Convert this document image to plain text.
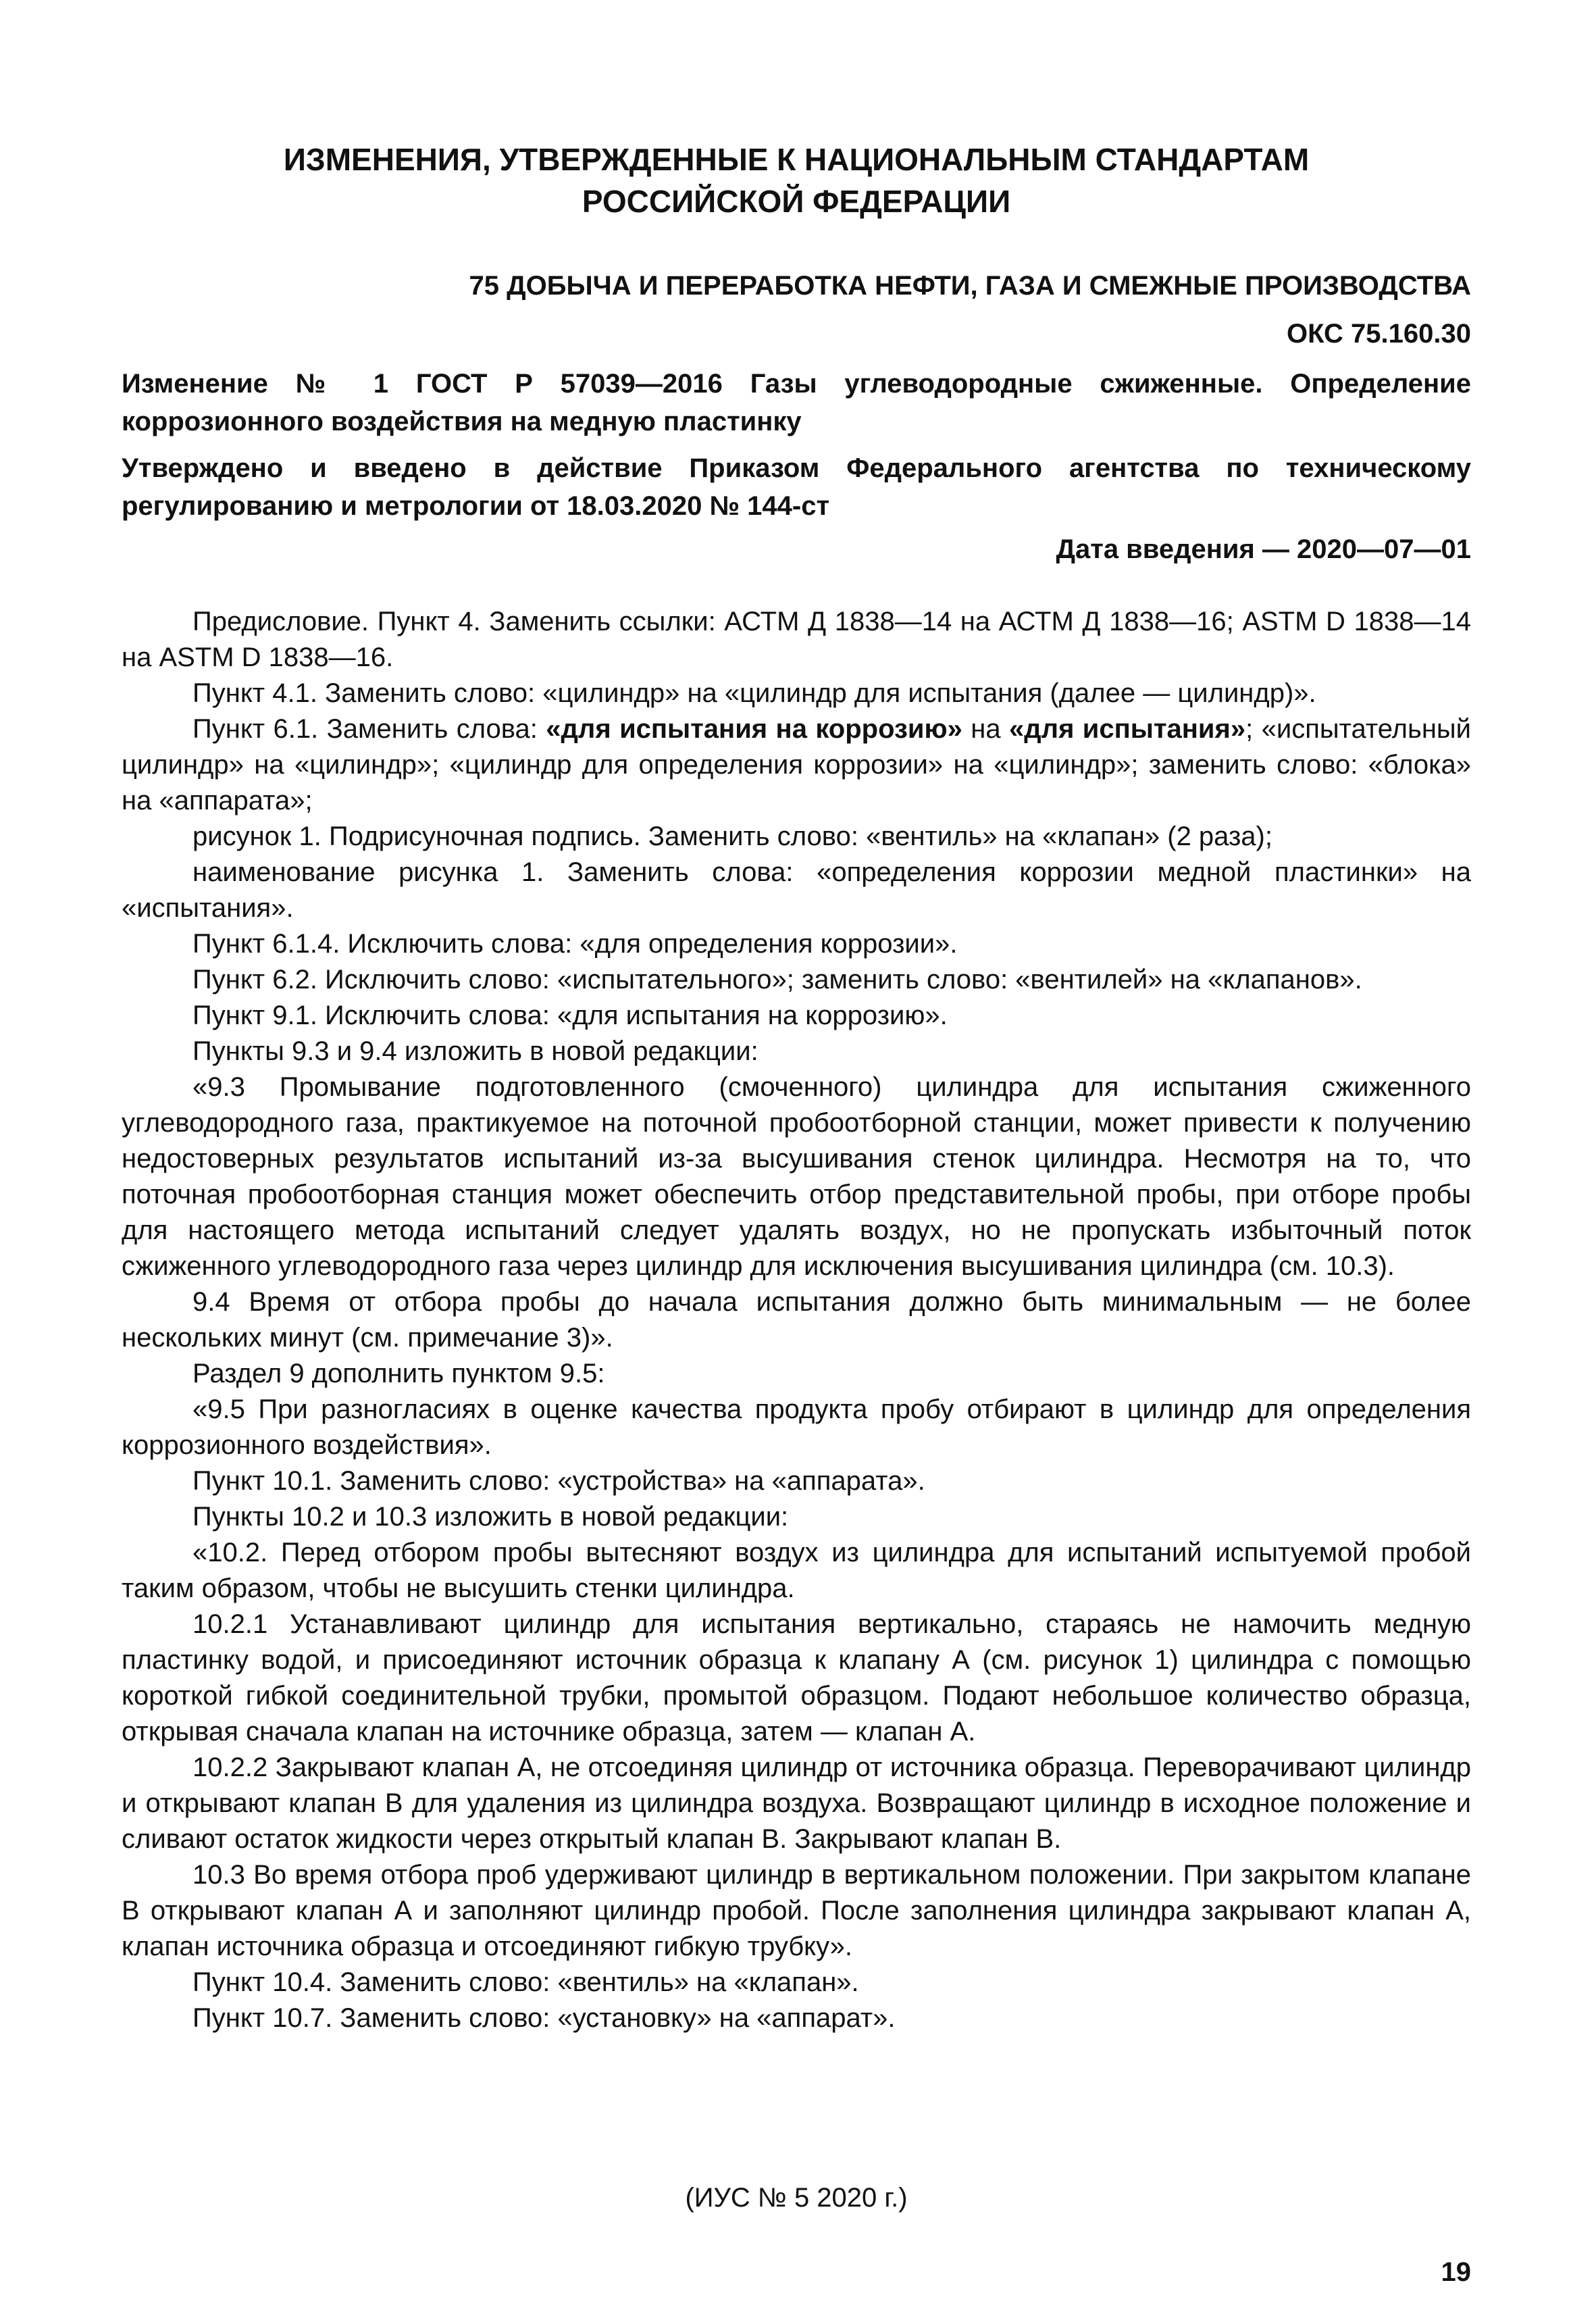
ИЗМЕНЕНИЯ, УТВЕРЖДЕННЫЕ К НАЦИОНАЛЬНЫМ СТАНДАРТАМ
РОССИЙСКОЙ ФЕДЕРАЦИИ
75 ДОБЫЧА И ПЕРЕРАБОТКА НЕФТИ, ГАЗА И СМЕЖНЫЕ ПРОИЗВОДСТВА
ОКС 75.160.30
Изменение № 1 ГОСТ Р 57039—2016 Газы углеводородные сжиженные. Определение коррозионного воздействия на медную пластинку
Утверждено и введено в действие Приказом Федерального агентства по техническому регулированию и метрологии от 18.03.2020 № 144-ст
Дата введения — 2020—07—01

Предисловие. Пункт 4. Заменить ссылки: АСТМ Д 1838—14 на АСТМ Д 1838—16; ASTM D 1838—14 на ASTM D 1838—16.

Пункт 4.1. Заменить слово: «цилиндр» на «цилиндр для испытания (далее — цилиндр)».

Пункт 6.1. Заменить слова: «для испытания на коррозию» на «для испытания»; «испытательный цилиндр» на «цилиндр»; «цилиндр для определения коррозии» на «цилиндр»; заменить слово: «блока» на «аппарата»;

рисунок 1. Подрисуночная подпись. Заменить слово: «вентиль» на «клапан» (2 раза);

наименование рисунка 1. Заменить слова: «определения коррозии медной пластинки» на «испытания».

Пункт 6.1.4. Исключить слова: «для определения коррозии».

Пункт 6.2. Исключить слово: «испытательного»; заменить слово: «вентилей» на «клапанов».

Пункт 9.1. Исключить слова: «для испытания на коррозию».

Пункты 9.3 и 9.4 изложить в новой редакции:

«9.3 Промывание подготовленного (смоченного) цилиндра для испытания сжиженного углеводородного газа, практикуемое на поточной пробоотборной станции, может привести к получению недостоверных результатов испытаний из-за высушивания стенок цилиндра. Несмотря на то, что поточная пробоотборная станция может обеспечить отбор представительной пробы, при отборе пробы для настоящего метода испытаний следует удалять воздух, но не пропускать избыточный поток сжиженного углеводородного газа через цилиндр для исключения высушивания цилиндра (см. 10.3).

9.4 Время от отбора пробы до начала испытания должно быть минимальным — не более нескольких минут (см. примечание 3)».

Раздел 9 дополнить пунктом 9.5:

«9.5 При разногласиях в оценке качества продукта пробу отбирают в цилиндр для определения коррозионного воздействия».

Пункт 10.1. Заменить слово: «устройства» на «аппарата».

Пункты 10.2 и 10.3 изложить в новой редакции:

«10.2. Перед отбором пробы вытесняют воздух из цилиндра для испытаний испытуемой пробой таким образом, чтобы не высушить стенки цилиндра.

10.2.1 Устанавливают цилиндр для испытания вертикально, стараясь не намочить медную пластинку водой, и присоединяют источник образца к клапану А (см. рисунок 1) цилиндра с помощью короткой гибкой соединительной трубки, промытой образцом. Подают небольшое количество образца, открывая сначала клапан на источнике образца, затем — клапан А.

10.2.2 Закрывают клапан А, не отсоединяя цилиндр от источника образца. Переворачивают цилиндр и открывают клапан В для удаления из цилиндра воздуха. Возвращают цилиндр в исходное положение и сливают остаток жидкости через открытый клапан В. Закрывают клапан В.

10.3 Во время отбора проб удерживают цилиндр в вертикальном положении. При закрытом клапане В открывают клапан А и заполняют цилиндр пробой. После заполнения цилиндра закрывают клапан А, клапан источника образца и отсоединяют гибкую трубку».

Пункт 10.4. Заменить слово: «вентиль» на «клапан».

Пункт 10.7. Заменить слово: «установку» на «аппарат».

(ИУС № 5 2020 г.)
19
